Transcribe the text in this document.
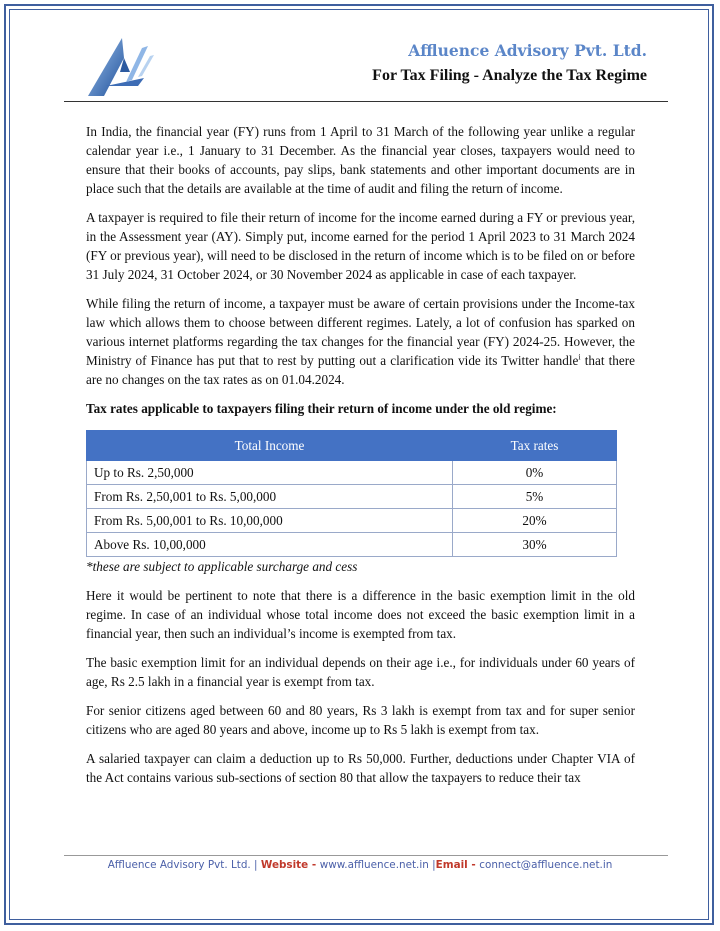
Affluence Advisory Pvt. Ltd.
For Tax Filing - Analyze the Tax Regime

In India, the financial year (FY) runs from 1 April to 31 March of the following year unlike a regular calendar year i.e., 1 January to 31 December. As the financial year closes, taxpayers would need to ensure that their books of accounts, pay slips, bank statements and other important documents are in place such that the details are available at the time of audit and filing the return of income.

A taxpayer is required to file their return of income for the income earned during a FY or previous year, in the Assessment year (AY). Simply put, income earned for the period 1 April 2023 to 31 March 2024 (FY or previous year), will need to be disclosed in the return of income which is to be filed on or before 31 July 2024, 31 October 2024, or 30 November 2024 as applicable in case of each taxpayer.

While filing the return of income, a taxpayer must be aware of certain provisions under the Income-tax law which allows them to choose between different regimes. Lately, a lot of confusion has sparked on various internet platforms regarding the tax changes for the financial year (FY) 2024-25. However, the Ministry of Finance has put that to rest by putting out a clarification vide its Twitter handle$^i$ that there are no changes on the tax rates as on 01.04.2024.

Tax rates applicable to taxpayers filing their return of income under the old regime:

Total Income	Tax rates
Up to Rs. 2,50,000	0%
From Rs. 2,50,001 to Rs. 5,00,000	5%
From Rs. 5,00,001 to Rs. 10,00,000	20%
Above Rs. 10,00,000	30%

*these are subject to applicable surcharge and cess

Here it would be pertinent to note that there is a difference in the basic exemption limit in the old regime. In case of an individual whose total income does not exceed the basic exemption limit in a financial year, then such an individual’s income is exempted from tax.

The basic exemption limit for an individual depends on their age i.e., for individuals under 60 years of age, Rs 2.5 lakh in a financial year is exempt from tax.

For senior citizens aged between 60 and 80 years, Rs 3 lakh is exempt from tax and for super senior citizens who are aged 80 years and above, income up to Rs 5 lakh is exempt from tax.

A salaried taxpayer can claim a deduction up to Rs 50,000. Further, deductions under Chapter VIA of the Act contains various sub-sections of section 80 that allow the taxpayers to reduce their tax

Affluence Advisory Pvt. Ltd. | Website - www.affluence.net.in |Email - connect@affluence.net.in
